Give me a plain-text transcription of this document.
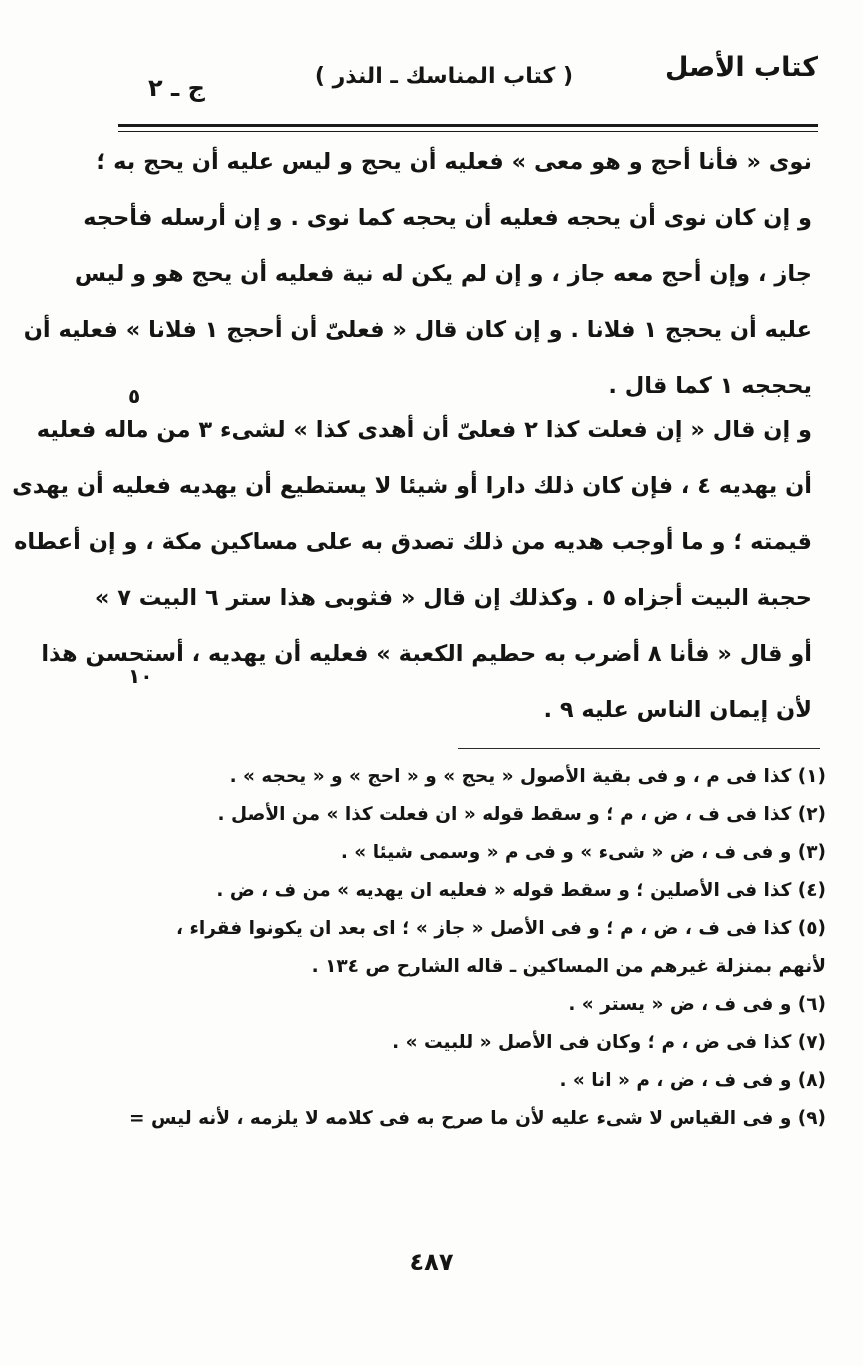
كتاب الأصل
( كتاب المناسك ـ النذر )
ج ـ ٢
نوى « فأنا أحج و هو معى » فعليه أن يحج و ليس عليه أن يحج به ؛
و إن كان نوى أن يحجه فعليه أن يحجه كما نوى . و إن أرسله فأحجه
جاز ، وإن أحج معه جاز ، و إن لم يكن له نية فعليه أن يحج هو و ليس
عليه أن يحجج ١ فلانا . و إن كان قال « فعلىّ أن أحجج ١ فلانا » فعليه أن
يحججه ١ كما قال .
٥
و إن قال « إن فعلت كذا ٢ فعلىّ أن أهدى كذا » لشىء ٣ من ماله فعليه
أن يهديه ٤ ، فإن كان ذلك دارا أو شيئا لا يستطيع أن يهديه فعليه أن يهدى
قيمته ؛ و ما أوجب هديه من ذلك تصدق به على مساكين مكة ، و إن أعطاه
حجبة البيت أجزاه ٥ . وكذلك إن قال « فثوبى هذا ستر ٦ البيت ٧ »
أو قال « فأنا ٨ أضرب به حطيم الكعبة » فعليه أن يهديه ، أستحسن هذا
لأن إيمان الناس عليه ٩ .
١٠
(١) كذا فى م ، و فى بقية الأصول « يحج » و « احج » و « يحجه » .
(٢) كذا فى ف ، ض ، م ؛ و سقط قوله « ان فعلت كذا » من الأصل .
(٣) و فى ف ، ض « شىء » و فى م « وسمى شيئا » .
(٤) كذا فى الأصلين ؛ و سقط قوله « فعليه ان يهديه » من ف ، ض .
(٥) كذا فى ف ، ض ، م ؛ و فى الأصل « جاز » ؛ اى بعد ان يكونوا فقراء ،
لأنهم بمنزلة غيرهم من المساكين ـ قاله الشارح ص ١٣٤ .
(٦) و فى ف ، ض « يستر » .
(٧) كذا فى ض ، م ؛ وكان فى الأصل « للبيت » .
(٨) و فى ف ، ض ، م « انا » .
(٩) و فى القياس لا شىء عليه لأن ما صرح به فى كلامه لا يلزمه ، لأنه ليس =
٤٨٧
